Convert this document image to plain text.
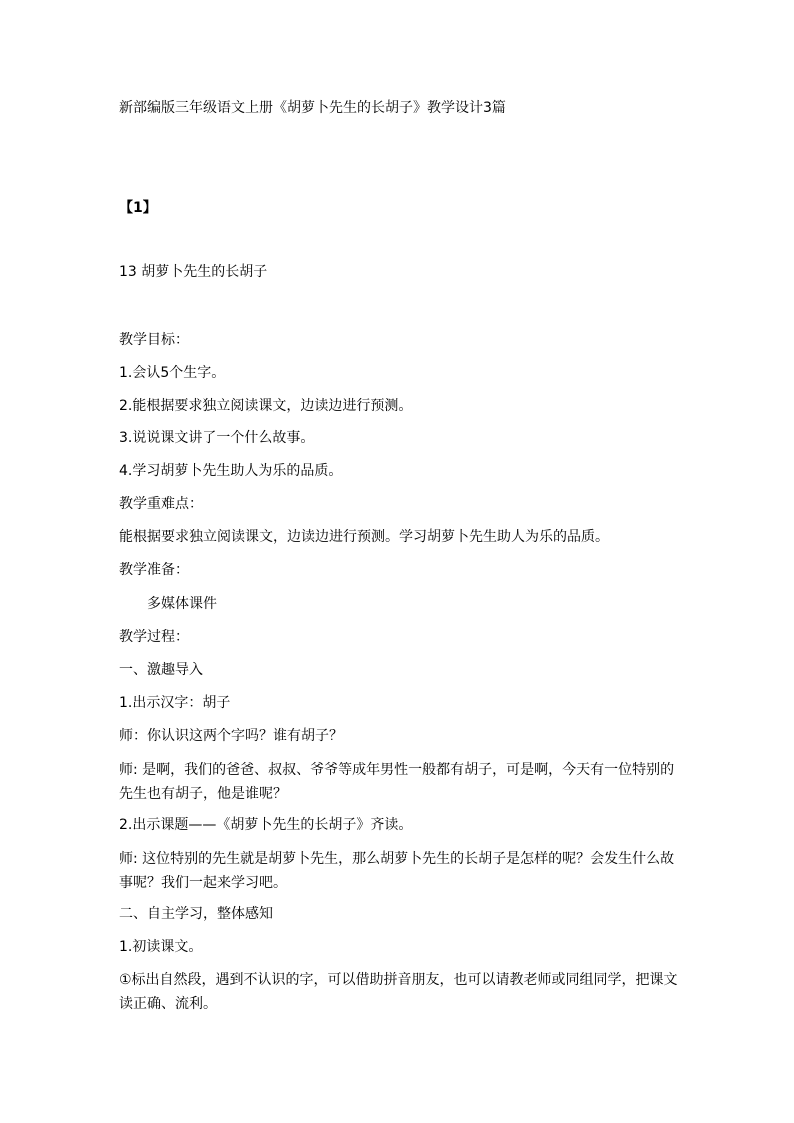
新部编版三年级语文上册《胡萝卜先生的长胡子》教学设计3篇
【1】
13 胡萝卜先生的长胡子
教学目标：
1.会认5个生字。
2.能根据要求独立阅读课文，边读边进行预测。
3.说说课文讲了一个什么故事。
4.学习胡萝卜先生助人为乐的品质。
教学重难点：
能根据要求独立阅读课文，边读边进行预测。学习胡萝卜先生助人为乐的品质。
教学准备：
多媒体课件
教学过程：
一、激趣导入
1.出示汉字：胡子
师：你认识这两个字吗？谁有胡子？
师: 是啊，我们的爸爸、叔叔、爷爷等成年男性一般都有胡子，可是啊，今天有一位特别的先生也有胡子，他是谁呢？
2.出示课题——《胡萝卜先生的长胡子》齐读。
师: 这位特别的先生就是胡萝卜先生，那么胡萝卜先生的长胡子是怎样的呢？会发生什么故事呢？我们一起来学习吧。
二、自主学习，整体感知
1.初读课文。
①标出自然段，遇到不认识的字，可以借助拼音朋友，也可以请教老师或同组同学，把课文读正确、流利。
